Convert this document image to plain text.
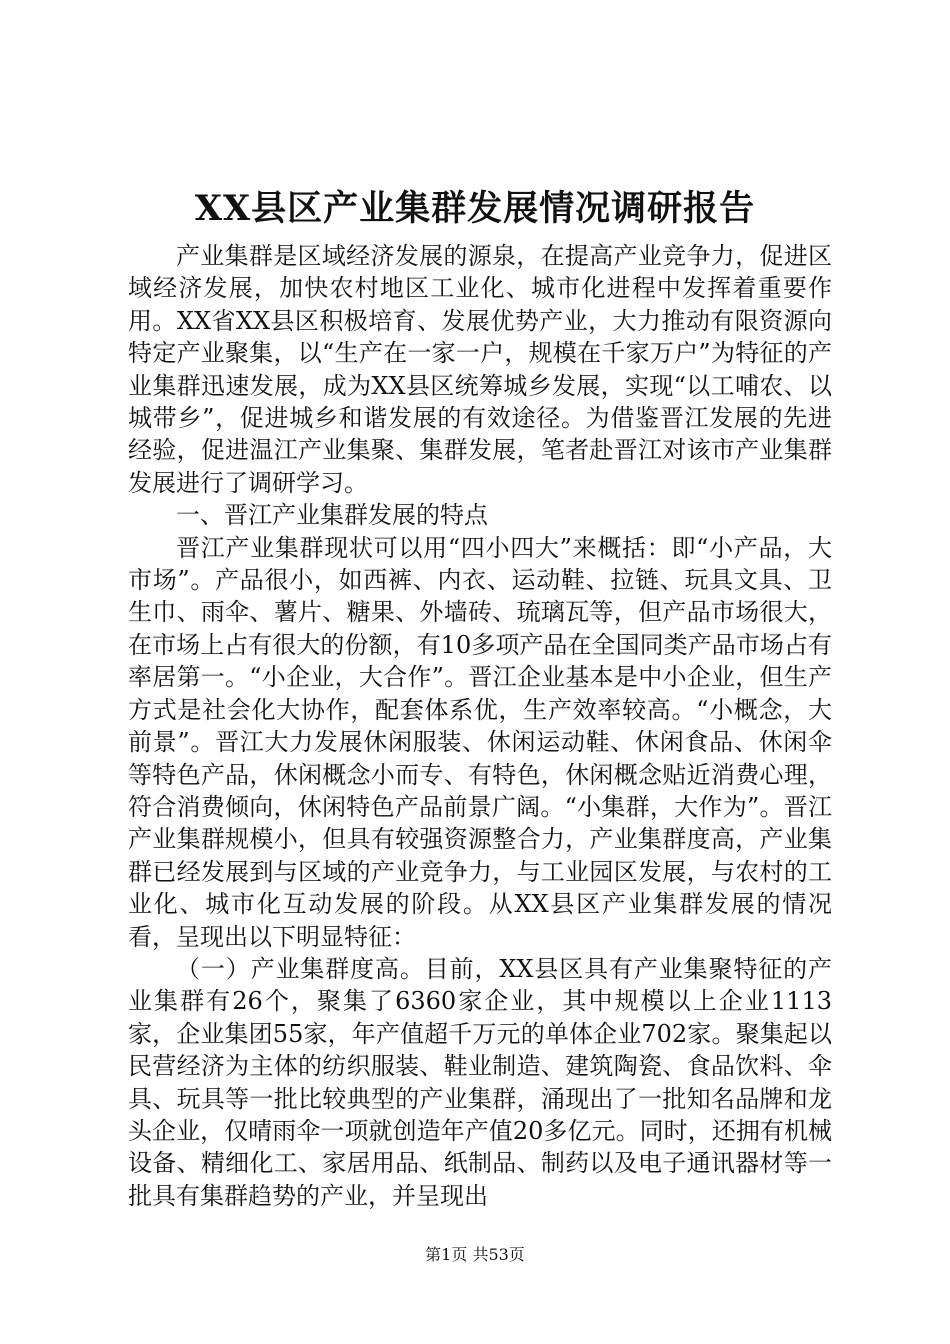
XX县区产业集群发展情况调研报告

产业集群是区域经济发展的源泉，在提高产业竞争力，促进区域经济发展，加快农村地区工业化、城市化进程中发挥着重要作用。XX省XX县区积极培育、发展优势产业，大力推动有限资源向特定产业聚集，以“生产在一家一户，规模在千家万户”为特征的产业集群迅速发展，成为XX县区统筹城乡发展，实现“以工哺农、以城带乡”，促进城乡和谐发展的有效途径。为借鉴晋江发展的先进经验，促进温江产业集聚、集群发展，笔者赴晋江对该市产业集群发展进行了调研学习。

一、晋江产业集群发展的特点

晋江产业集群现状可以用“四小四大”来概括：即“小产品，大市场”。产品很小，如西裤、内衣、运动鞋、拉链、玩具文具、卫生巾、雨伞、薯片、糖果、外墙砖、琉璃瓦等，但产品市场很大，在市场上占有很大的份额，有10多项产品在全国同类产品市场占有率居第一。“小企业，大合作”。晋江企业基本是中小企业，但生产方式是社会化大协作，配套体系优，生产效率较高。“小概念，大前景”。晋江大力发展休闲服装、休闲运动鞋、休闲食品、休闲伞等特色产品，休闲概念小而专、有特色，休闲概念贴近消费心理，符合消费倾向，休闲特色产品前景广阔。“小集群，大作为”。晋江产业集群规模小，但具有较强资源整合力，产业集群度高，产业集群已经发展到与区域的产业竞争力，与工业园区发展，与农村的工业化、城市化互动发展的阶段。从XX县区产业集群发展的情况看，呈现出以下明显特征：

（一）产业集群度高。目前，XX县区具有产业集聚特征的产业集群有26个，聚集了6360家企业，其中规模以上企业1113家，企业集团55家，年产值超千万元的单体企业702家。聚集起以民营经济为主体的纺织服装、鞋业制造、建筑陶瓷、食品饮料、伞具、玩具等一批比较典型的产业集群，涌现出了一批知名品牌和龙头企业，仅晴雨伞一项就创造年产值20多亿元。同时，还拥有机械设备、精细化工、家居用品、纸制品、制药以及电子通讯器材等一批具有集群趋势的产业，并呈现出

第1页 共53页
